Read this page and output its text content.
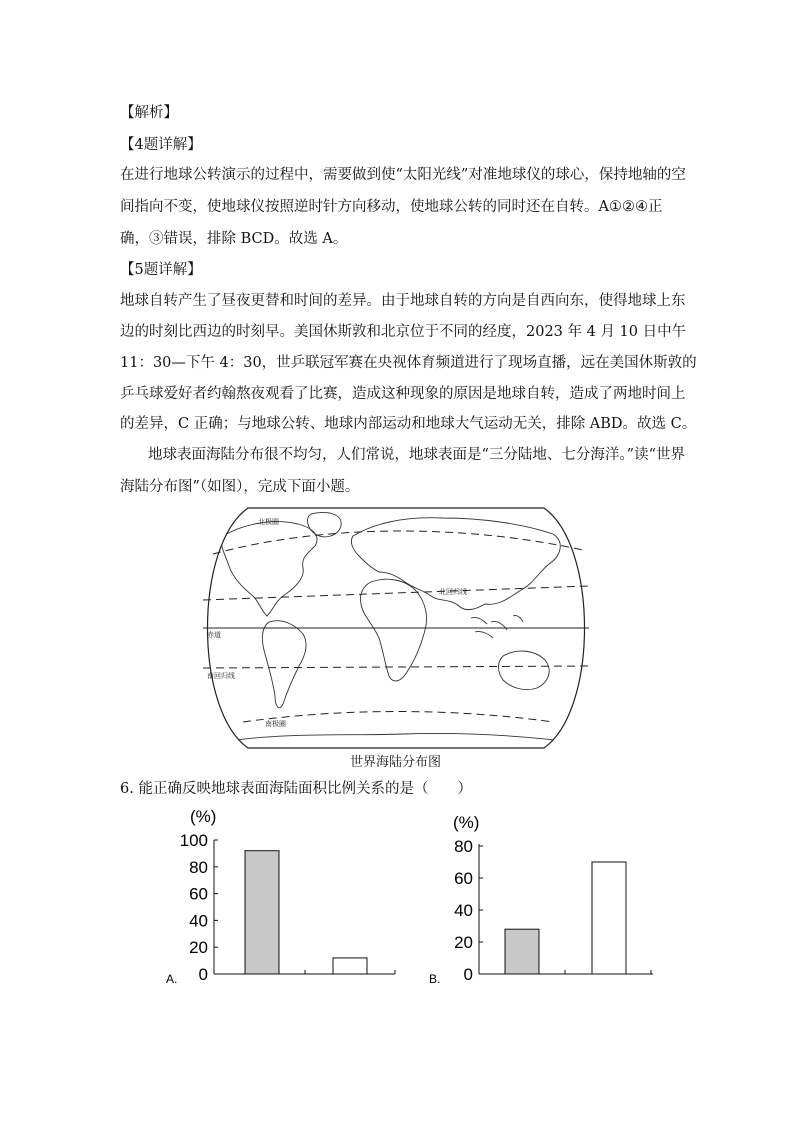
【解析】
【4题详解】
在进行地球公转演示的过程中，需要做到使“太阳光线”对准地球仪的球心，保持地轴的空
间指向不变，使地球仪按照逆时针方向移动，使地球公转的同时还在自转。A①②④正
确，③错误，排除 BCD。故选 A。
【5题详解】
地球自转产生了昼夜更替和时间的差异。由于地球自转的方向是自西向东，使得地球上东
边的时刻比西边的时刻早。美国休斯敦和北京位于不同的经度，2023 年 4 月 10 日中午
11：30—下午 4：30，世乒联冠军赛在央视体育频道进行了现场直播，远在美国休斯敦的
乒乓球爱好者约翰熬夜观看了比赛，造成这种现象的原因是地球自转，造成了两地时间上
的差异，C 正确；与地球公转、地球内部运动和地球大气运动无关，排除 ABD。故选 C。
地球表面海陆分布很不均匀，人们常说，地球表面是“三分陆地、七分海洋。”读“世界
海陆分布图”（如图），完成下面小题。
北极圈
北回归线
赤道
南回归线
南极圈
世界海陆分布图
6. 能正确反映地球表面海陆面积比例关系的是（　　）
A.
(%)
0
20
40
60
80
100
B.
(%)
0
20
40
60
80
